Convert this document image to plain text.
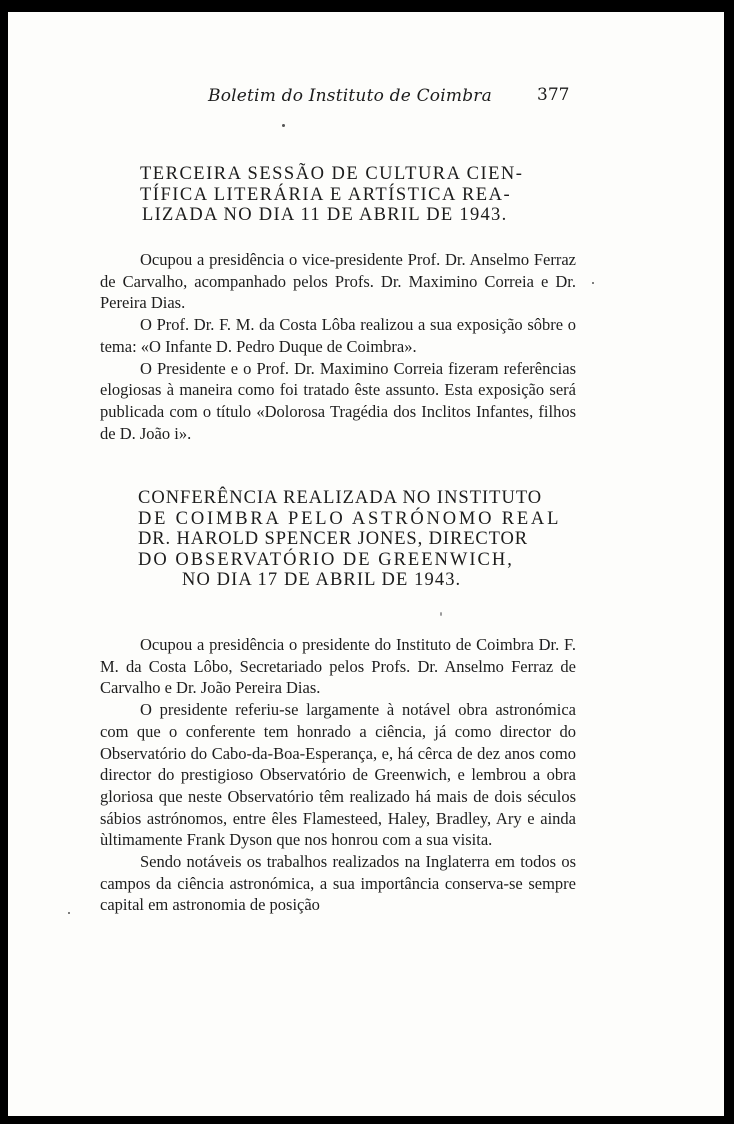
Boletim do Instituto de Coimbra	377
TERCEIRA SESSÃO DE CULTURA CIEN-
TÍFICA LITERÁRIA E ARTÍSTICA REA-
LIZADA NO DIA 11 DE ABRIL DE 1943.

Ocupou a presidência o vice-presidente Prof. Dr. Anselmo Ferraz de Carvalho, acompanhado pelos Profs. Dr. Maximino Correia e Dr. Pereira Dias.

O Prof. Dr. F. M. da Costa Lôba realizou a sua exposição sôbre o tema: «O Infante D. Pedro Duque de Coimbra».

O Presidente e o Prof. Dr. Maximino Correia fizeram referências elogiosas à maneira como foi tratado êste assunto. Esta exposição será publicada com o título «Dolorosa Tragédia dos Inclitos Infantes, filhos de D. João i».

CONFERÊNCIA REALIZADA NO INSTITUTO
DE COIMBRA PELO ASTRÓNOMO REAL
DR. HAROLD SPENCER JONES, DIRECTOR
DO OBSERVATÓRIO DE GREENWICH,
NO DIA 17 DE ABRIL DE 1943.

Ocupou a presidência o presidente do Instituto de Coimbra Dr. F. M. da Costa Lôbo, Secretariado pelos Profs. Dr. Anselmo Ferraz de Carvalho e Dr. João Pereira Dias.

O presidente referiu-se largamente à notável obra astronómica com que o conferente tem honrado a ciência, já como director do Observatório do Cabo-da-Boa-Esperança, e, há cêrca de dez anos como director do prestigioso Observatório de Greenwich, e lembrou a obra gloriosa que neste Observatório têm realizado há mais de dois séculos sábios astrónomos, entre êles Flamesteed, Haley, Bradley, Ary e ainda ùltimamente Frank Dyson que nos honrou com a sua visita.

Sendo notáveis os trabalhos realizados na Inglaterra em todos os campos da ciência astronómica, a sua importância conserva-se sempre capital em astronomia de posição
